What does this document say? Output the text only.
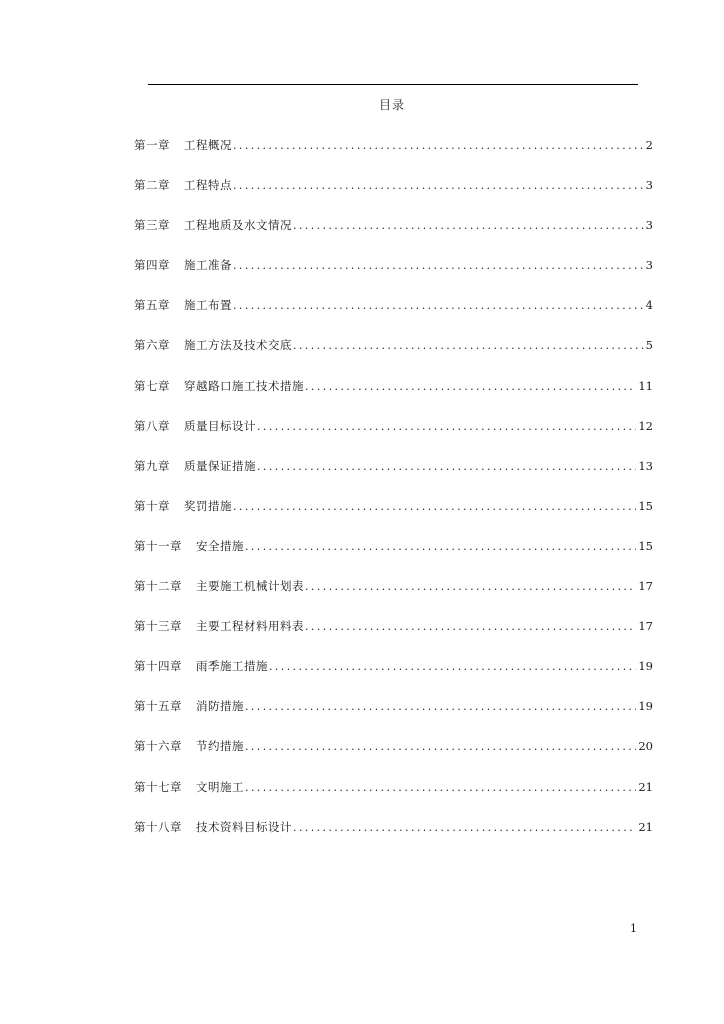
目录
第一章 工程概况 .....	2
第二章 工程特点 .....	3
第三章 工程地质及水文情况 .....	3
第四章 施工准备 .....	3
第五章 施工布置 .....	4
第六章 施工方法及技术交底 .....	5
第七章 穿越路口施工技术措施 .....	11
第八章 质量目标设计 .....	12
第九章 质量保证措施 .....	13
第十章 奖罚措施 .....	15
第十一章 安全措施 .....	15
第十二章 主要施工机械计划表 .....	17
第十三章 主要工程材料用料表 .....	17
第十四章 雨季施工措施 .....	19
第十五章 消防措施 .....	19
第十六章 节约措施 .....	20
第十七章 文明施工 .....	21
第十八章 技术资料目标设计 .....	21
1
